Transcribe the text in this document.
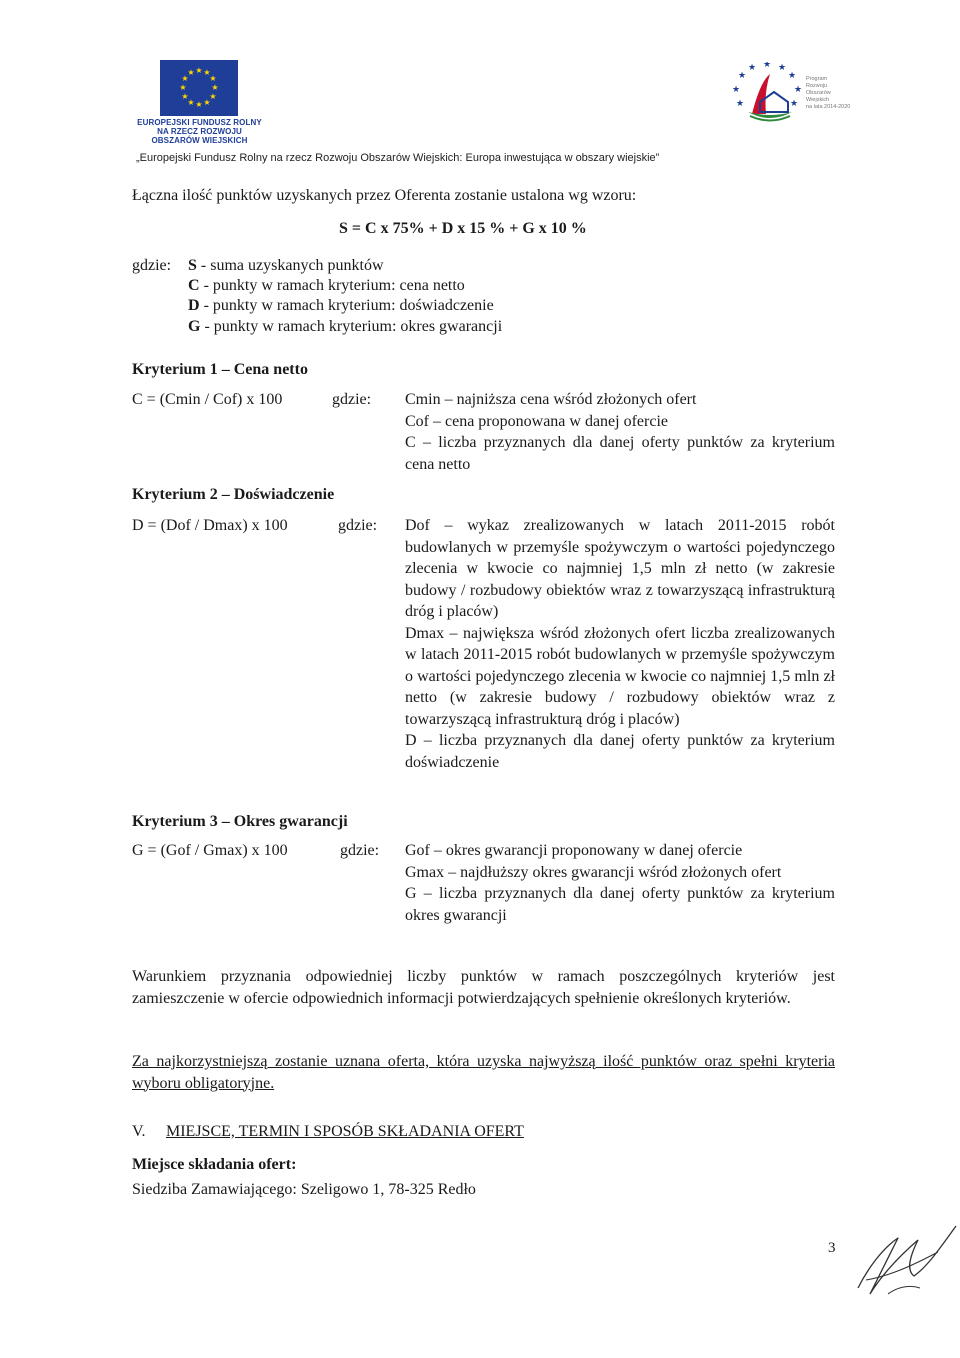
★ ★
★
★
★
★
★
★
★
★
★
★
EUROPEJSKI FUNDUSZ ROLNY
NA RZECZ ROZWOJU
OBSZARÓW WIEJSKICH
„Europejski Fundusz Rolny na rzecz Rozwoju Obszarów Wiejskich: Europa inwestująca w obszary wiejskie”
★
★ ★ ★
★
★	★
★	★
Program
Rozwoju
Obszarów
Wiejskich
na lata 2014-2020
Łączna ilość punktów uzyskanych przez Oferenta zostanie ustalona wg wzoru:
S = C x 75% + D x 15 % + G x 10 %
gdzie: S - suma uzyskanych punktów
C - punkty w ramach kryterium: cena netto
D - punkty w ramach kryterium: doświadczenie
G - punkty w ramach kryterium: okres gwarancji
Kryterium 1 – Cena netto
C = (Cmin / Cof) x 100	gdzie: Cmin – najniższa cena wśród złożonych ofert

Cof – cena proponowana w danej ofercie

C – liczba przyznanych dla danej oferty punktów za kryterium cena netto

Kryterium 2 – Doświadczenie
D = (Dof / Dmax) x 100	gdzie: Dof – wykaz zrealizowanych w latach 2011-2015 robót budowlanych w przemyśle spożywczym o wartości pojedynczego zlecenia w kwocie co najmniej 1,5 mln zł netto (w zakresie budowy / rozbudowy obiektów wraz z towarzyszącą infrastrukturą dróg i placów)

Dmax – największa wśród złożonych ofert liczba zrealizowanych w latach 2011-2015 robót budowlanych w przemyśle spożywczym o wartości pojedynczego zlecenia w kwocie co najmniej 1,5 mln zł netto (w zakresie budowy / rozbudowy obiektów wraz z towarzyszącą infrastrukturą dróg i placów)

D – liczba przyznanych dla danej oferty punktów za kryterium doświadczenie

Kryterium 3 – Okres gwarancji
G = (Gof / Gmax) x 100	gdzie: Gof – okres gwarancji proponowany w danej ofercie

Gmax – najdłuższy okres gwarancji wśród złożonych ofert

G – liczba przyznanych dla danej oferty punktów za kryterium okres gwarancji

Warunkiem przyznania odpowiedniej liczby punktów w ramach poszczególnych kryteriów jest zamieszczenie w ofercie odpowiednich informacji potwierdzających spełnienie określonych kryteriów.

Za najkorzystniejszą zostanie uznana oferta, która uzyska najwyższą ilość punktów oraz spełni kryteria wyboru obligatoryjne.

V. MIEJSCE, TERMIN I SPOSÓB SKŁADANIA OFERT
Miejsce składania ofert:
Siedziba Zamawiającego: Szeligowo 1, 78-325 Redło
3
